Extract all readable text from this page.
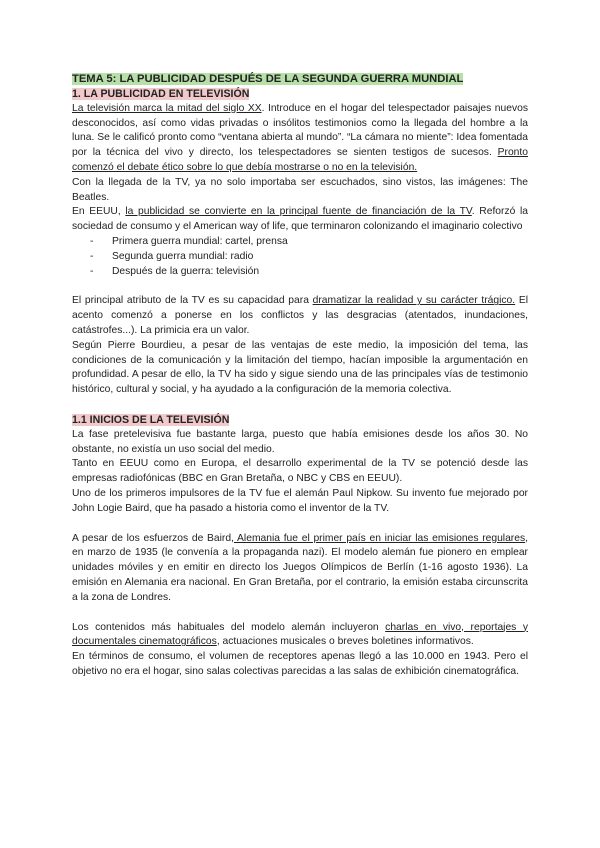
TEMA 5: LA PUBLICIDAD DESPUÉS DE LA SEGUNDA GUERRA MUNDIAL
1. LA PUBLICIDAD EN TELEVISIÓN

La televisión marca la mitad del siglo XX. Introduce en el hogar del telespectador paisajes nuevos desconocidos, así como vidas privadas o insólitos testimonios como la llegada del hombre a la luna. Se le calificó pronto como “ventana abierta al mundo”. “La cámara no miente”: Idea fomentada por la técnica del vivo y directo, los telespectadores se sienten testigos de sucesos. Pronto comenzó el debate ético sobre lo que debía mostrarse o no en la televisión.

Con la llegada de la TV, ya no solo importaba ser escuchados, sino vistos, las imágenes: The Beatles.

En EEUU, la publicidad se convierte en la principal fuente de financiación de la TV. Reforzó la sociedad de consumo y el American way of life, que terminaron colonizando el imaginario colectivo

- Primera guerra mundial: cartel, prensa
- Segunda guerra mundial: radio
- Después de la guerra: televisión

El principal atributo de la TV es su capacidad para dramatizar la realidad y su carácter trágico. El acento comenzó a ponerse en los conflictos y las desgracias (atentados, inundaciones, catástrofes...). La primicia era un valor.

Según Pierre Bourdieu, a pesar de las ventajas de este medio, la imposición del tema, las condiciones de la comunicación y la limitación del tiempo, hacían imposible la argumentación en profundidad. A pesar de ello, la TV ha sido y sigue siendo una de las principales vías de testimonio histórico, cultural y social, y ha ayudado a la configuración de la memoria colectiva.

1.1 INICIOS DE LA TELEVISIÓN

La fase pretelevisiva fue bastante larga, puesto que había emisiones desde los años 30. No obstante, no existía un uso social del medio.

Tanto en EEUU como en Europa, el desarrollo experimental de la TV se potenció desde las empresas radiofónicas (BBC en Gran Bretaña, o NBC y CBS en EEUU).

Uno de los primeros impulsores de la TV fue el alemán Paul Nipkow. Su invento fue mejorado por John Logie Baird, que ha pasado a historia como el inventor de la TV.

A pesar de los esfuerzos de Baird, Alemania fue el primer país en iniciar las emisiones regulares, en marzo de 1935 (le convenía a la propaganda nazi). El modelo alemán fue pionero en emplear unidades móviles y en emitir en directo los Juegos Olímpicos de Berlín (1-16 agosto 1936). La emisión en Alemania era nacional. En Gran Bretaña, por el contrario, la emisión estaba circunscrita a la zona de Londres.

Los contenidos más habituales del modelo alemán incluyeron charlas en vivo, reportajes y documentales cinematográficos, actuaciones musicales o breves boletines informativos.

En términos de consumo, el volumen de receptores apenas llegó a las 10.000 en 1943. Pero el objetivo no era el hogar, sino salas colectivas parecidas a las salas de exhibición cinematográfica.
